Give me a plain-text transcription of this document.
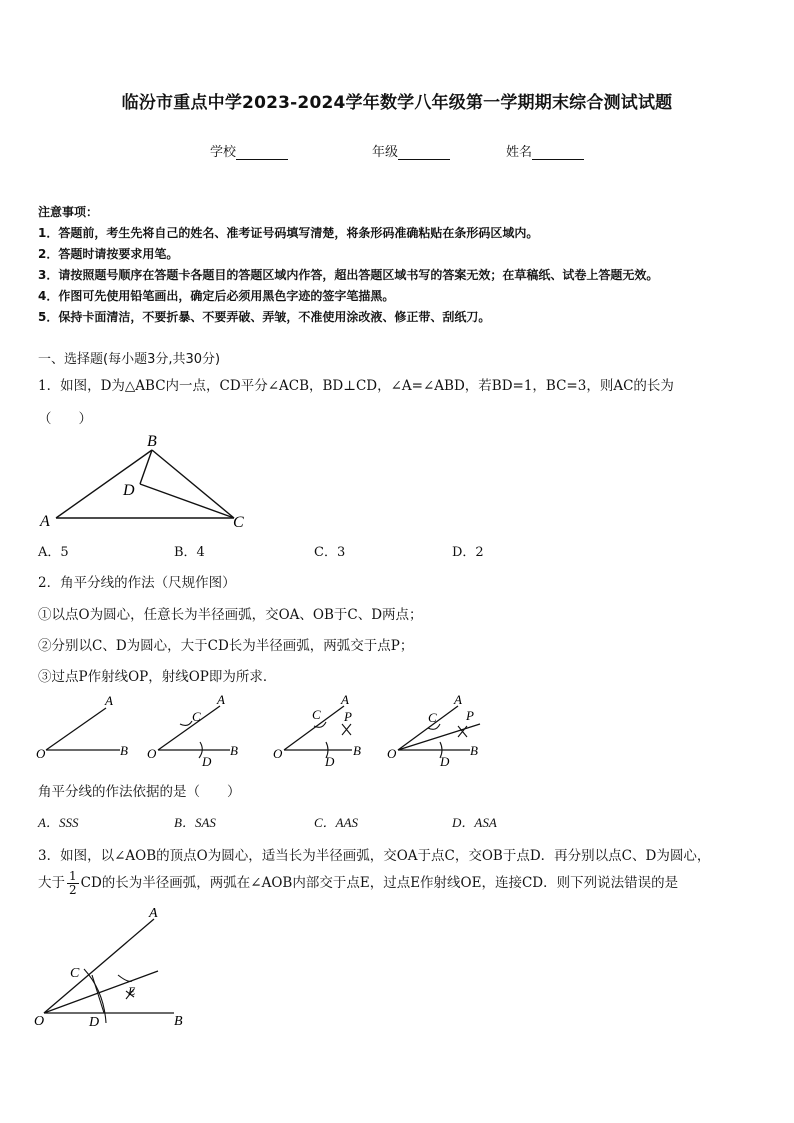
临汾市重点中学2023-2024学年数学八年级第一学期期末综合测试试题
学校	年级	姓名
注意事项：
1．答题前，考生先将自己的姓名、准考证号码填写清楚，将条形码准确粘贴在条形码区域内。
2．答题时请按要求用笔。
3．请按照题号顺序在答题卡各题目的答题区域内作答，超出答题区域书写的答案无效；在草稿纸、试卷上答题无效。
4．作图可先使用铅笔画出，确定后必须用黑色字迹的签字笔描黑。
5．保持卡面清洁，不要折暴、不要弄破、弄皱，不准使用涂改液、修正带、刮纸刀。
一、选择题(每小题3分,共30分)
1．如图，D为△ABC内一点，CD平分∠ACB，BD⊥CD，∠A=∠ABD，若BD=1，BC=3，则AC的长为
（　　）
B
D
A	C
A．5	B．4	C．3	D．2
2．角平分线的作法（尺规作图）
①以点O为圆心，任意长为半径画弧，交OA、OB于C、D两点；
②分别以C、D为圆心，大于CD长为半径画弧，两弧交于点P；
③过点P作射线OP，射线OP即为所求．
O
A
B O
A
B
C
D
O
A
B
C
D
P
O
A
B
C
D
P
角平分线的作法依据的是（　　）
A．SSS	B．SAS	C．AAS	D．ASA
3．如图，以∠AOB的顶点O为圆心，适当长为半径画弧，交OA于点C，交OB于点D．再分别以点C、D为圆心，
大于 $\frac{1}{2}$ CD的长为半径画弧，两弧在∠AOB内部交于点E，过点E作射线OE，连接CD．则下列说法错误的是
O
A
B
C
D
E
